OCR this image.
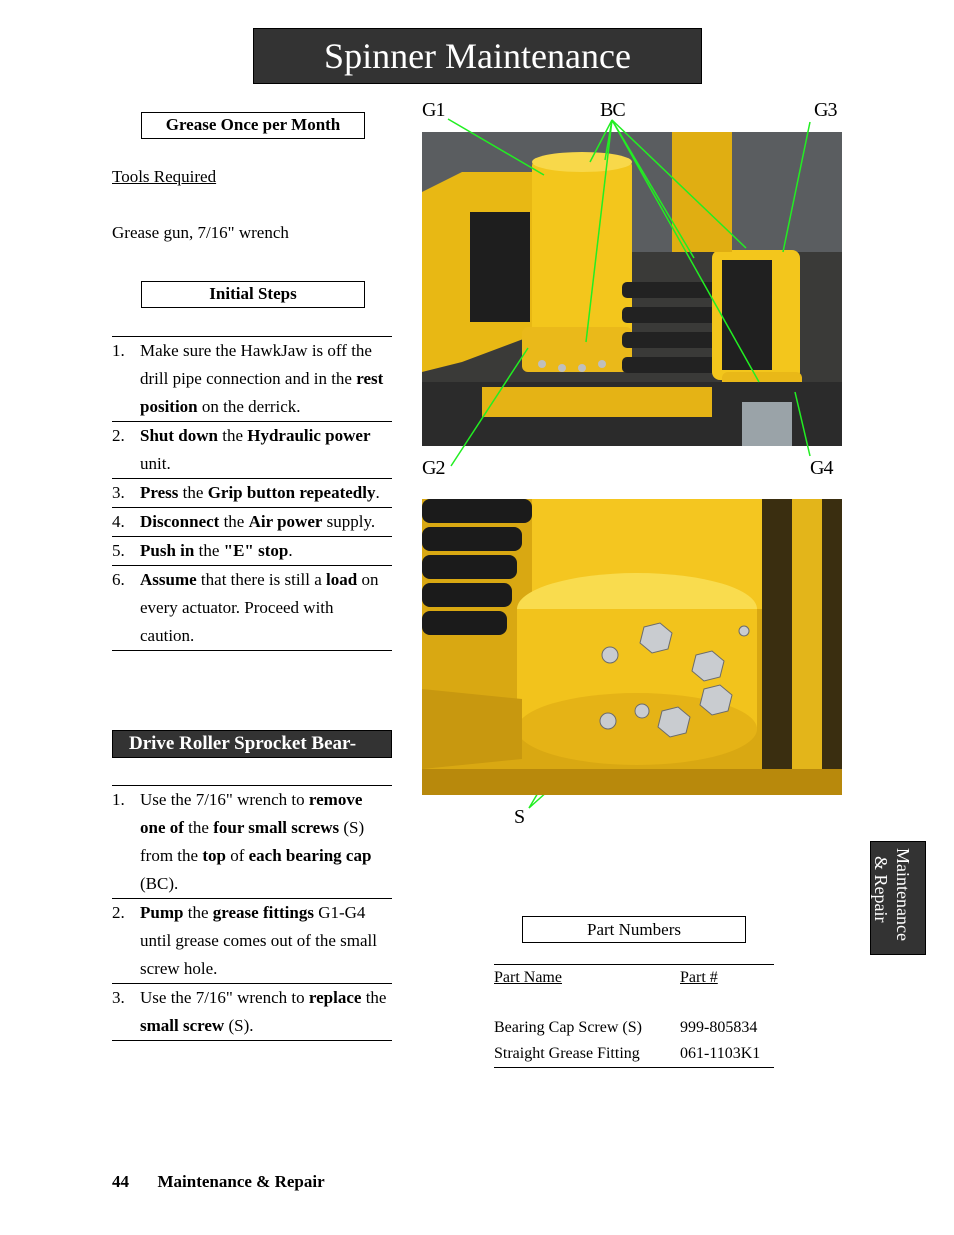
Spinner Maintenance
Grease Once per Month
Tools Required
Grease gun, 7/16" wrench
Initial Steps
1. Make sure the HawkJaw is off the drill pipe connection and in the rest position on the derrick.
2. Shut down the Hydraulic power unit.
3. Press the Grip button repeatedly.
4. Disconnect the Air power supply.
5. Push in the "E" stop.
6. Assume that there is still a load on every actuator. Proceed with caution.
Drive Roller Sprocket Bear-
1. Use the 7/16" wrench to remove one of the four small screws (S) from the top of each bearing cap (BC).
2. Pump the grease fittings G1-G4 until grease comes out of the small screw hole.
3. Use the 7/16" wrench to replace the small screw (S).
G1	BC	G3
G2	G4
S
Part Numbers
Part Name	Part #
Bearing Cap Screw (S)	999-805834
Straight Grease Fitting	061-1103K1
Maintenance
& Repair
44 Maintenance & Repair
